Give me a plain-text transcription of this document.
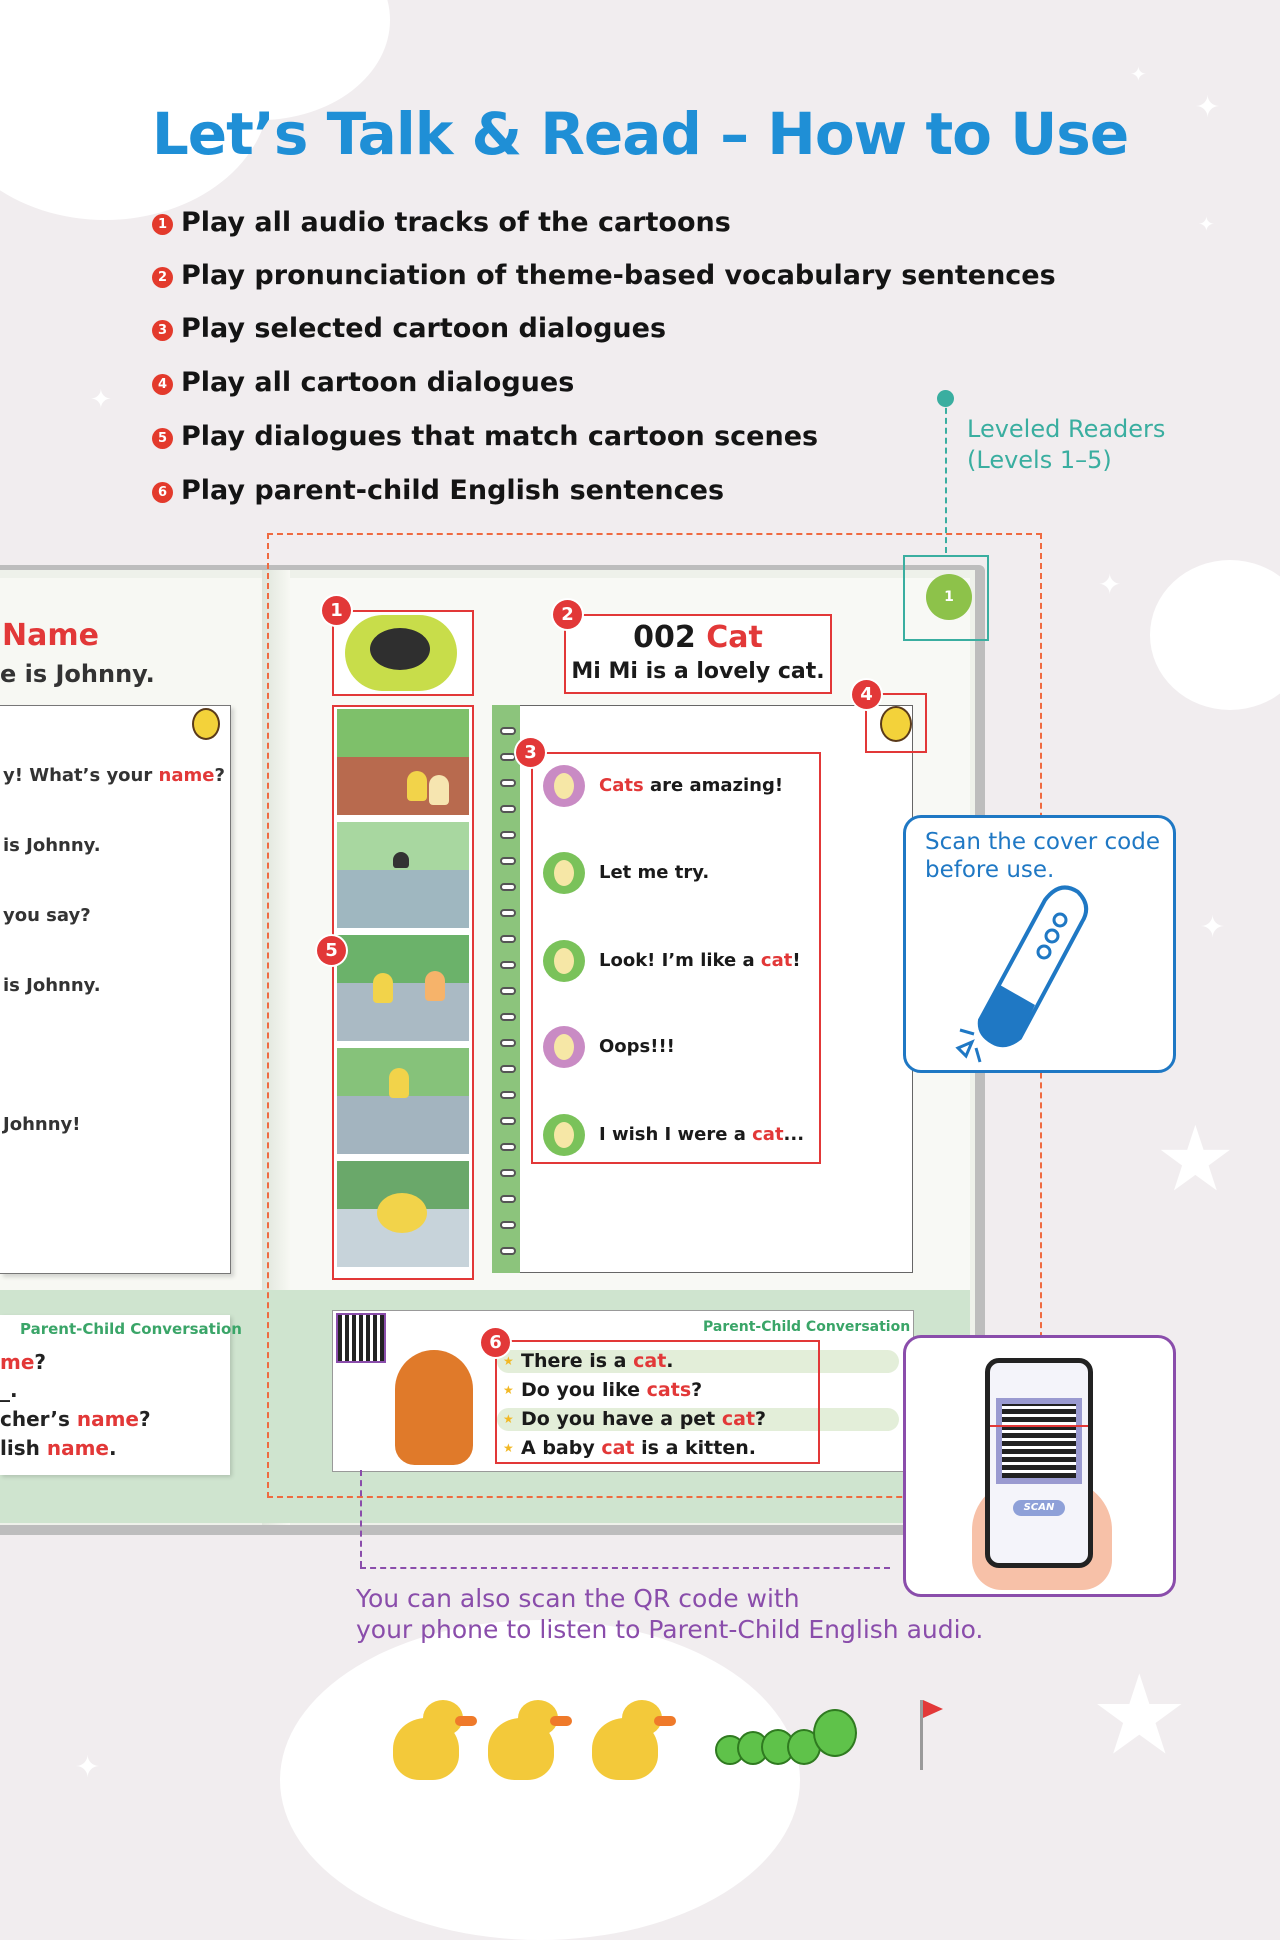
✦
✦
✦
✦
✦
✦
★
★
✦
Let’s Talk & Read – How to Use
1 Play all audio tracks of the cartoons
2 Play pronunciation of theme-based vocabulary sentences
3 Play selected cartoon dialogues
4 Play all cartoon dialogues
5 Play dialogues that match cartoon scenes
6 Play parent-child English sentences
Leveled Readers
(Levels 1–5)
Name
e is Johnny.
y! What’s your name?
is Johnny.
you say?
is Johnny.
Johnny!
Parent-Child Conversation
me?
_.
cher’s name?
lish name.
1
1
002 Cat
Mi Mi is a lovely cat.
2
5
Cats are amazing!
Let me try.
Look! I’m like a cat!
Oops!!!
I wish I were a cat...
3
4
Scan the cover code
before use.
Parent-Child Conversation
★ There is a cat.
★ Do you like cats?
★ Do you have a pet cat?
★ A baby cat is a kitten.
6
SCAN
You can also scan the QR code with
your phone to listen to Parent-Child English audio.
